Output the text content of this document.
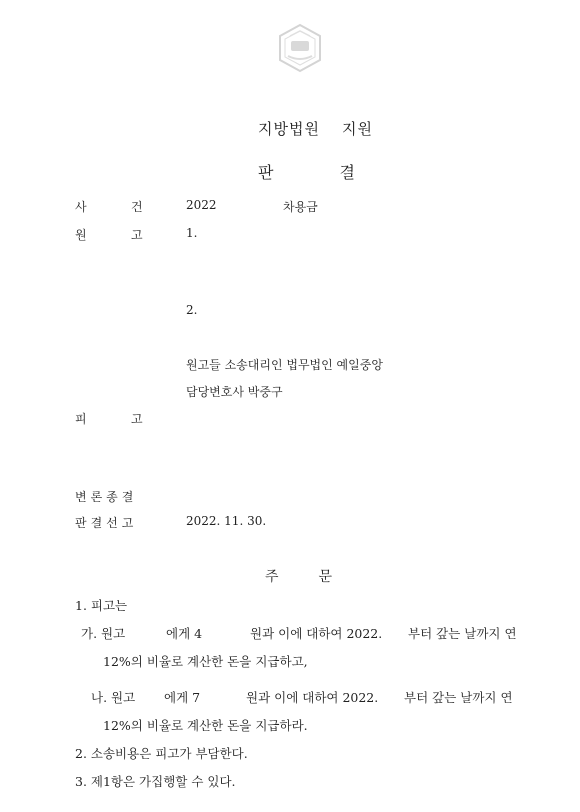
지방법원 지원
판	결
사	건	2022	차용금
원	고	1.
2.
원고들 소송대리인 법무법인 예일중앙
담당변호사 박중구
피	고
변론종결
판결선고	2022. 11. 30.
주	문
1. 피고는
가. 원고	에게 4	원과 이에 대하여 2022. 부터 갚는 날까지 연
12%의 비율로 계산한 돈을 지급하고,
나. 원고 에게 7	원과 이에 대하여 2022. 부터 갚는 날까지 연
12%의 비율로 계산한 돈을 지급하라.
2. 소송비용은 피고가 부담한다.
3. 제1항은 가집행할 수 있다.
